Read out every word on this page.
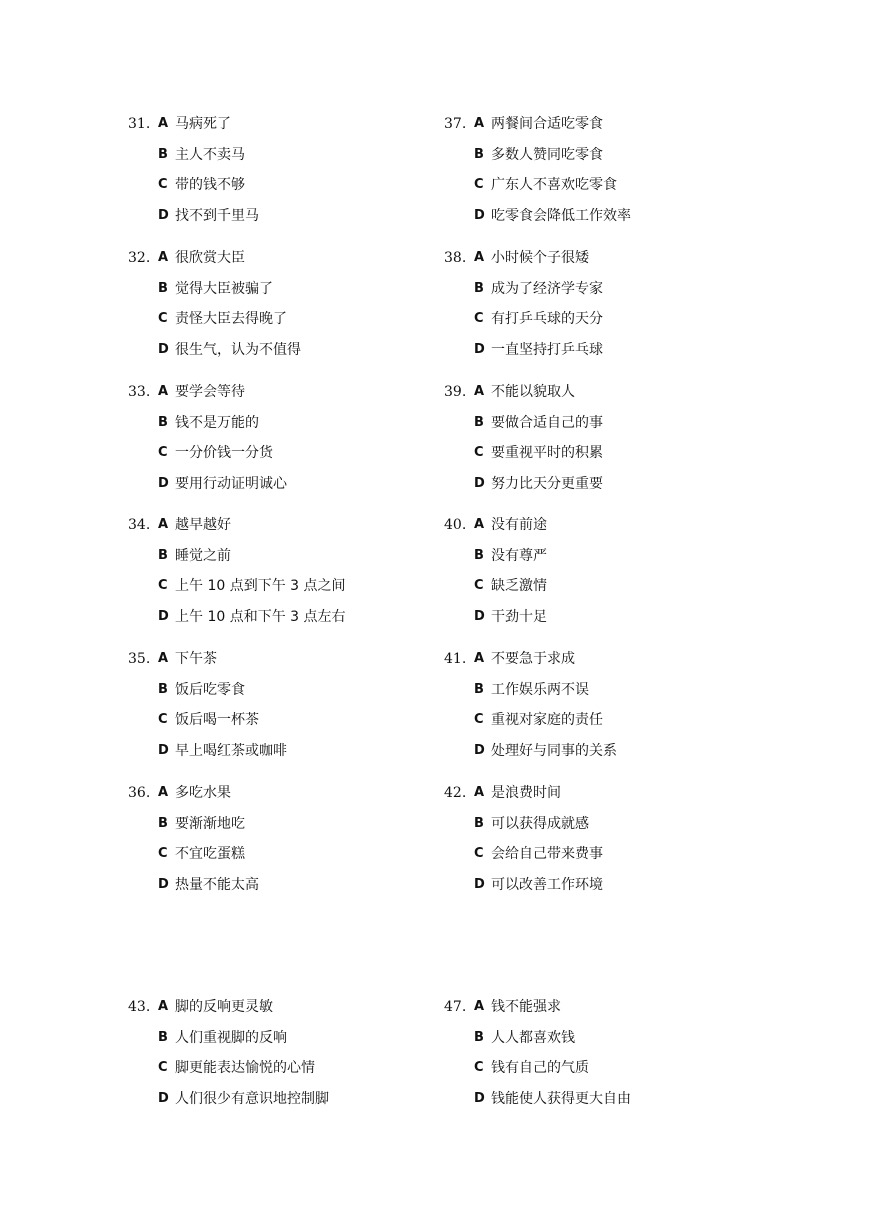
31. A 马病死了
B 主人不卖马
C 带的钱不够
D 找不到千里马
32. A 很欣赏大臣
B 觉得大臣被骗了
C 责怪大臣去得晚了
D 很生气，认为不值得
33. A 要学会等待
B 钱不是万能的
C 一分价钱一分货
D 要用行动证明诚心
34. A 越早越好
B 睡觉之前
C 上午 10 点到下午 3 点之间
D 上午 10 点和下午 3 点左右
35. A 下午茶
B 饭后吃零食
C 饭后喝一杯茶
D 早上喝红茶或咖啡
36. A 多吃水果
B 要渐渐地吃
C 不宜吃蛋糕
D 热量不能太高
43. A 脚的反响更灵敏
B 人们重视脚的反响
C 脚更能表达愉悦的心情
D 人们很少有意识地控制脚
37. A 两餐间合适吃零食
B 多数人赞同吃零食
C 广东人不喜欢吃零食
D 吃零食会降低工作效率
38. A 小时候个子很矮
B 成为了经济学专家
C 有打乒乓球的天分
D 一直坚持打乒乓球
39. A 不能以貌取人
B 要做合适自己的事
C 要重视平时的积累
D 努力比天分更重要
40. A 没有前途
B 没有尊严
C 缺乏激情
D 干劲十足
41. A 不要急于求成
B 工作娱乐两不误
C 重视对家庭的责任
D 处理好与同事的关系
42. A 是浪费时间
B 可以获得成就感
C 会给自己带来费事
D 可以改善工作环境
47. A 钱不能强求
B 人人都喜欢钱
C 钱有自己的气质
D 钱能使人获得更大自由
